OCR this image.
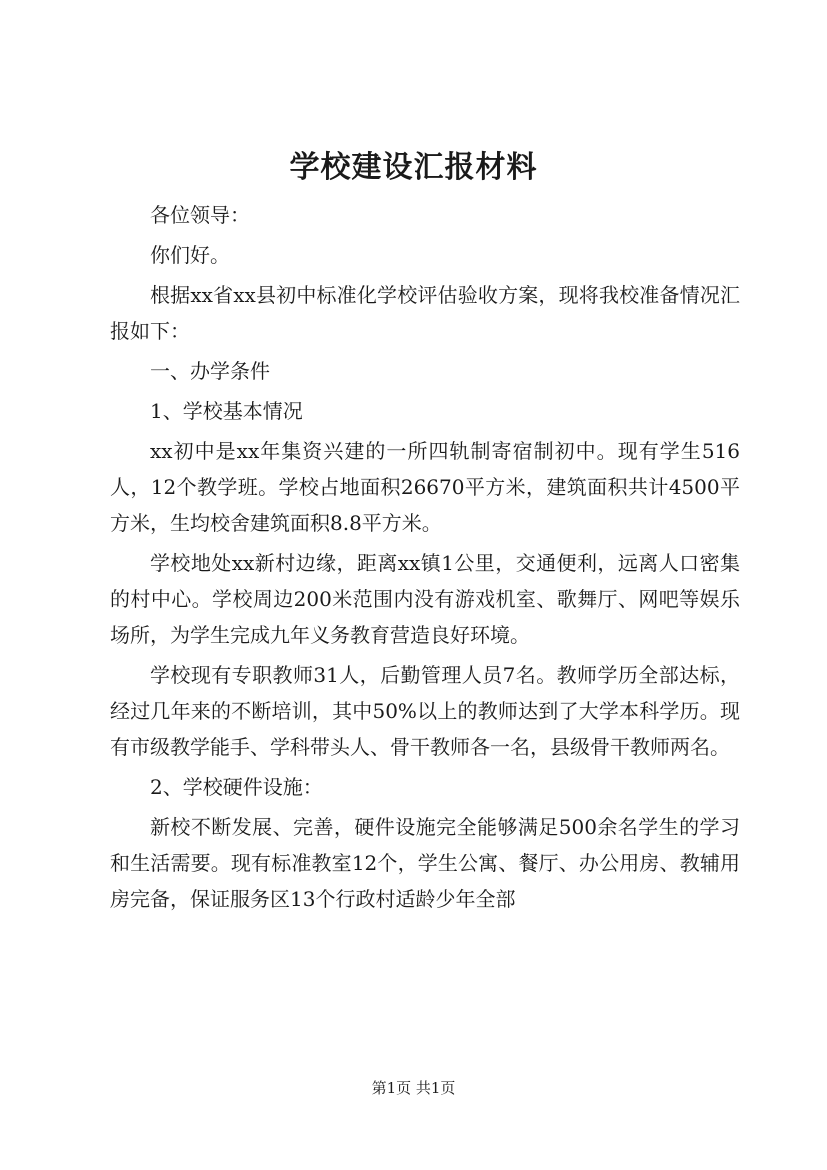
学校建设汇报材料

各位领导：

你们好。

根据xx省xx县初中标准化学校评估验收方案，现将我校准备情况汇报如下：

一、办学条件

1、学校基本情况

xx初中是xx年集资兴建的一所四轨制寄宿制初中。现有学生516人，12个教学班。学校占地面积26670平方米，建筑面积共计4500平方米，生均校舍建筑面积8.8平方米。

学校地处xx新村边缘，距离xx镇1公里，交通便利，远离人口密集的村中心。学校周边200米范围内没有游戏机室、歌舞厅、网吧等娱乐场所，为学生完成九年义务教育营造良好环境。

学校现有专职教师31人，后勤管理人员7名。教师学历全部达标，经过几年来的不断培训，其中50%以上的教师达到了大学本科学历。现有市级教学能手、学科带头人、骨干教师各一名，县级骨干教师两名。

2、学校硬件设施：

新校不断发展、完善，硬件设施完全能够满足500余名学生的学习和生活需要。现有标准教室12个，学生公寓、餐厅、办公用房、教辅用房完备，保证服务区13个行政村适龄少年全部

第1页 共1页
